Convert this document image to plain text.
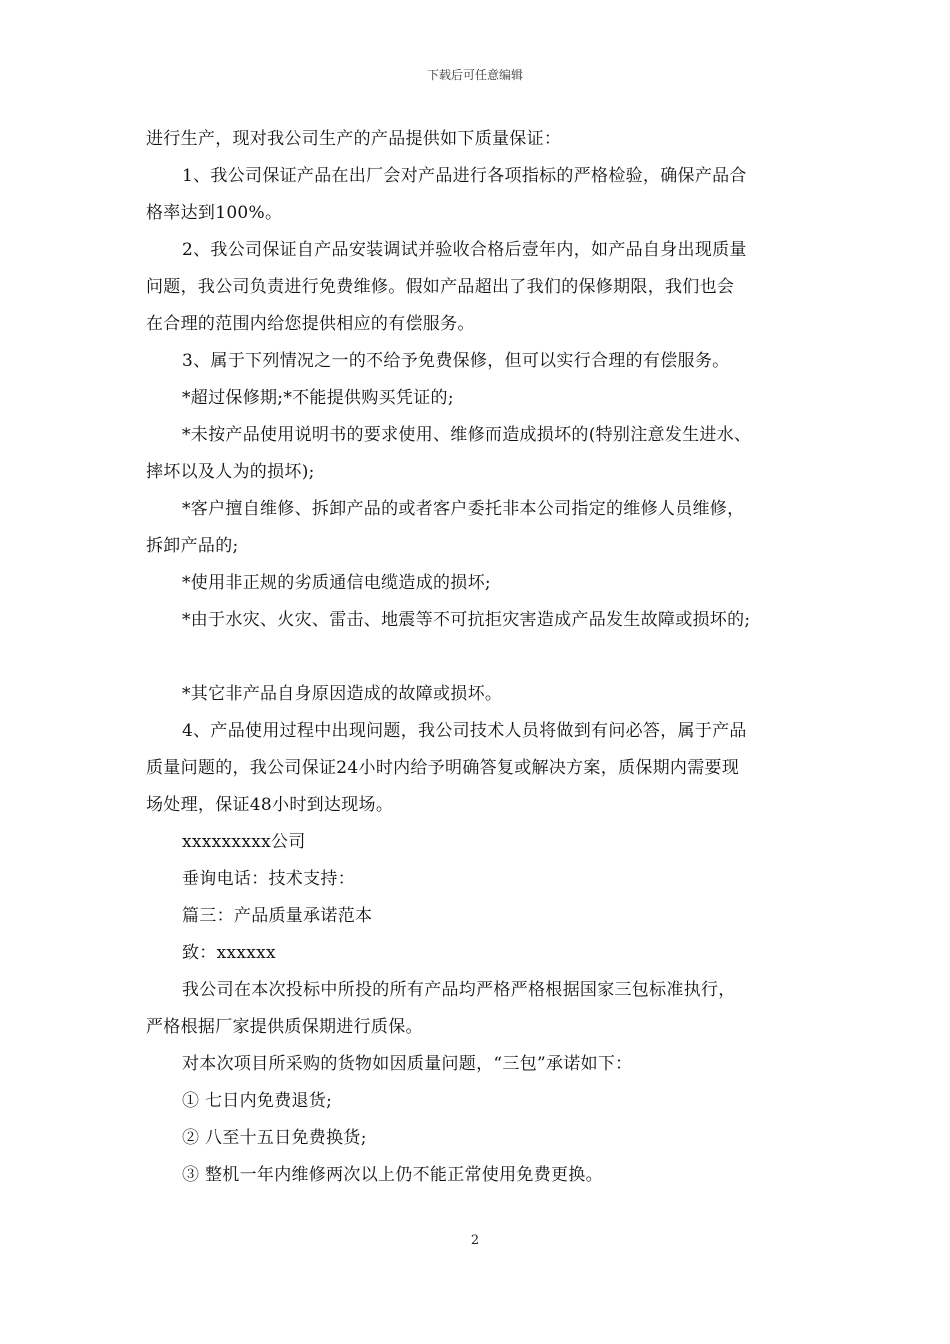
下载后可任意编辑
进行生产，现对我公司生产的产品提供如下质量保证：
1、我公司保证产品在出厂会对产品进行各项指标的严格检验，确保产品合
格率达到100%。
2、我公司保证自产品安装调试并验收合格后壹年内，如产品自身出现质量
问题，我公司负责进行免费维修。假如产品超出了我们的保修期限，我们也会
在合理的范围内给您提供相应的有偿服务。
3、属于下列情况之一的不给予免费保修，但可以实行合理的有偿服务。
*超过保修期;*不能提供购买凭证的;
*未按产品使用说明书的要求使用、维修而造成损坏的(特别注意发生进水、
摔坏以及人为的损坏);
*客户擅自维修、拆卸产品的或者客户委托非本公司指定的维修人员维修，
拆卸产品的;
*使用非正规的劣质通信电缆造成的损坏;
*由于水灾、火灾、雷击、地震等不可抗拒灾害造成产品发生故障或损坏的;
*其它非产品自身原因造成的故障或损坏。
4、产品使用过程中出现问题，我公司技术人员将做到有问必答，属于产品
质量问题的，我公司保证24小时内给予明确答复或解决方案，质保期内需要现
场处理，保证48小时到达现场。
xxxxxxxxx公司
垂询电话：技术支持：
篇三：产品质量承诺范本
致：xxxxxx
我公司在本次投标中所投的所有产品均严格严格根据国家三包标准执行，
严格根据厂家提供质保期进行质保。
对本次项目所采购的货物如因质量问题，“三包”承诺如下：
① 七日内免费退货;
② 八至十五日免费换货;
③ 整机一年内维修两次以上仍不能正常使用免费更换。
2
